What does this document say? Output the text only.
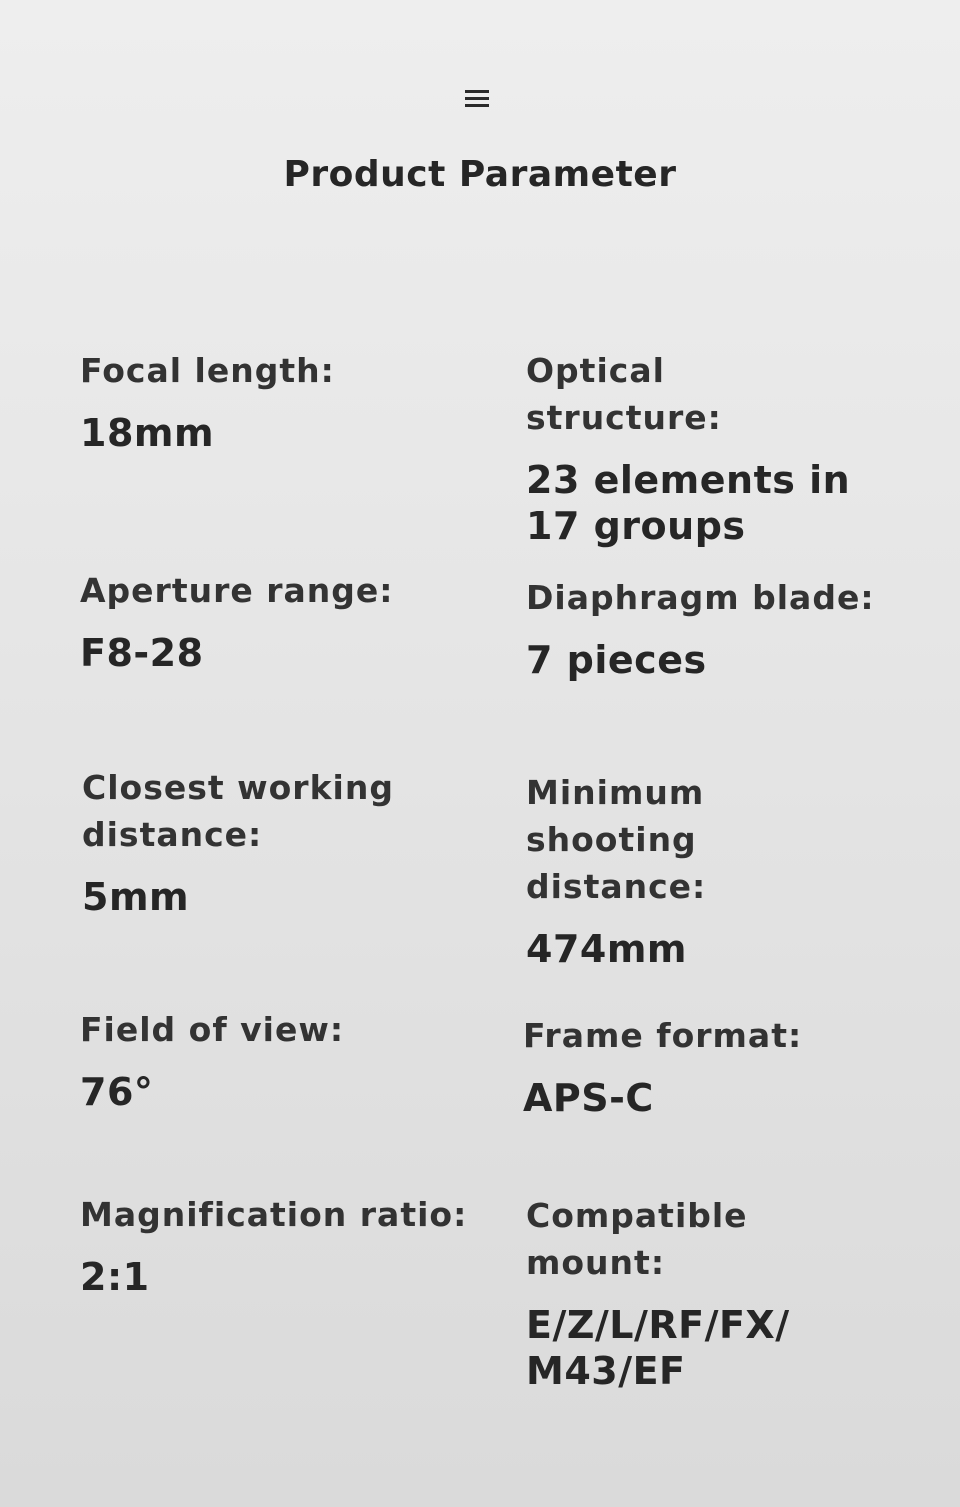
Product Parameter
Focal length:
18mm
Optical structure:
23 elements in 17 groups
Aperture range:
F8-28
Diaphragm blade:
7 pieces
Closest working distance:
5mm
Minimum shooting distance:
474mm
Field of view:
76°
Frame format:
APS-C
Magnification ratio:
2:1
Compatible mount:
E/Z/L/RF/FX/ M43/EF
